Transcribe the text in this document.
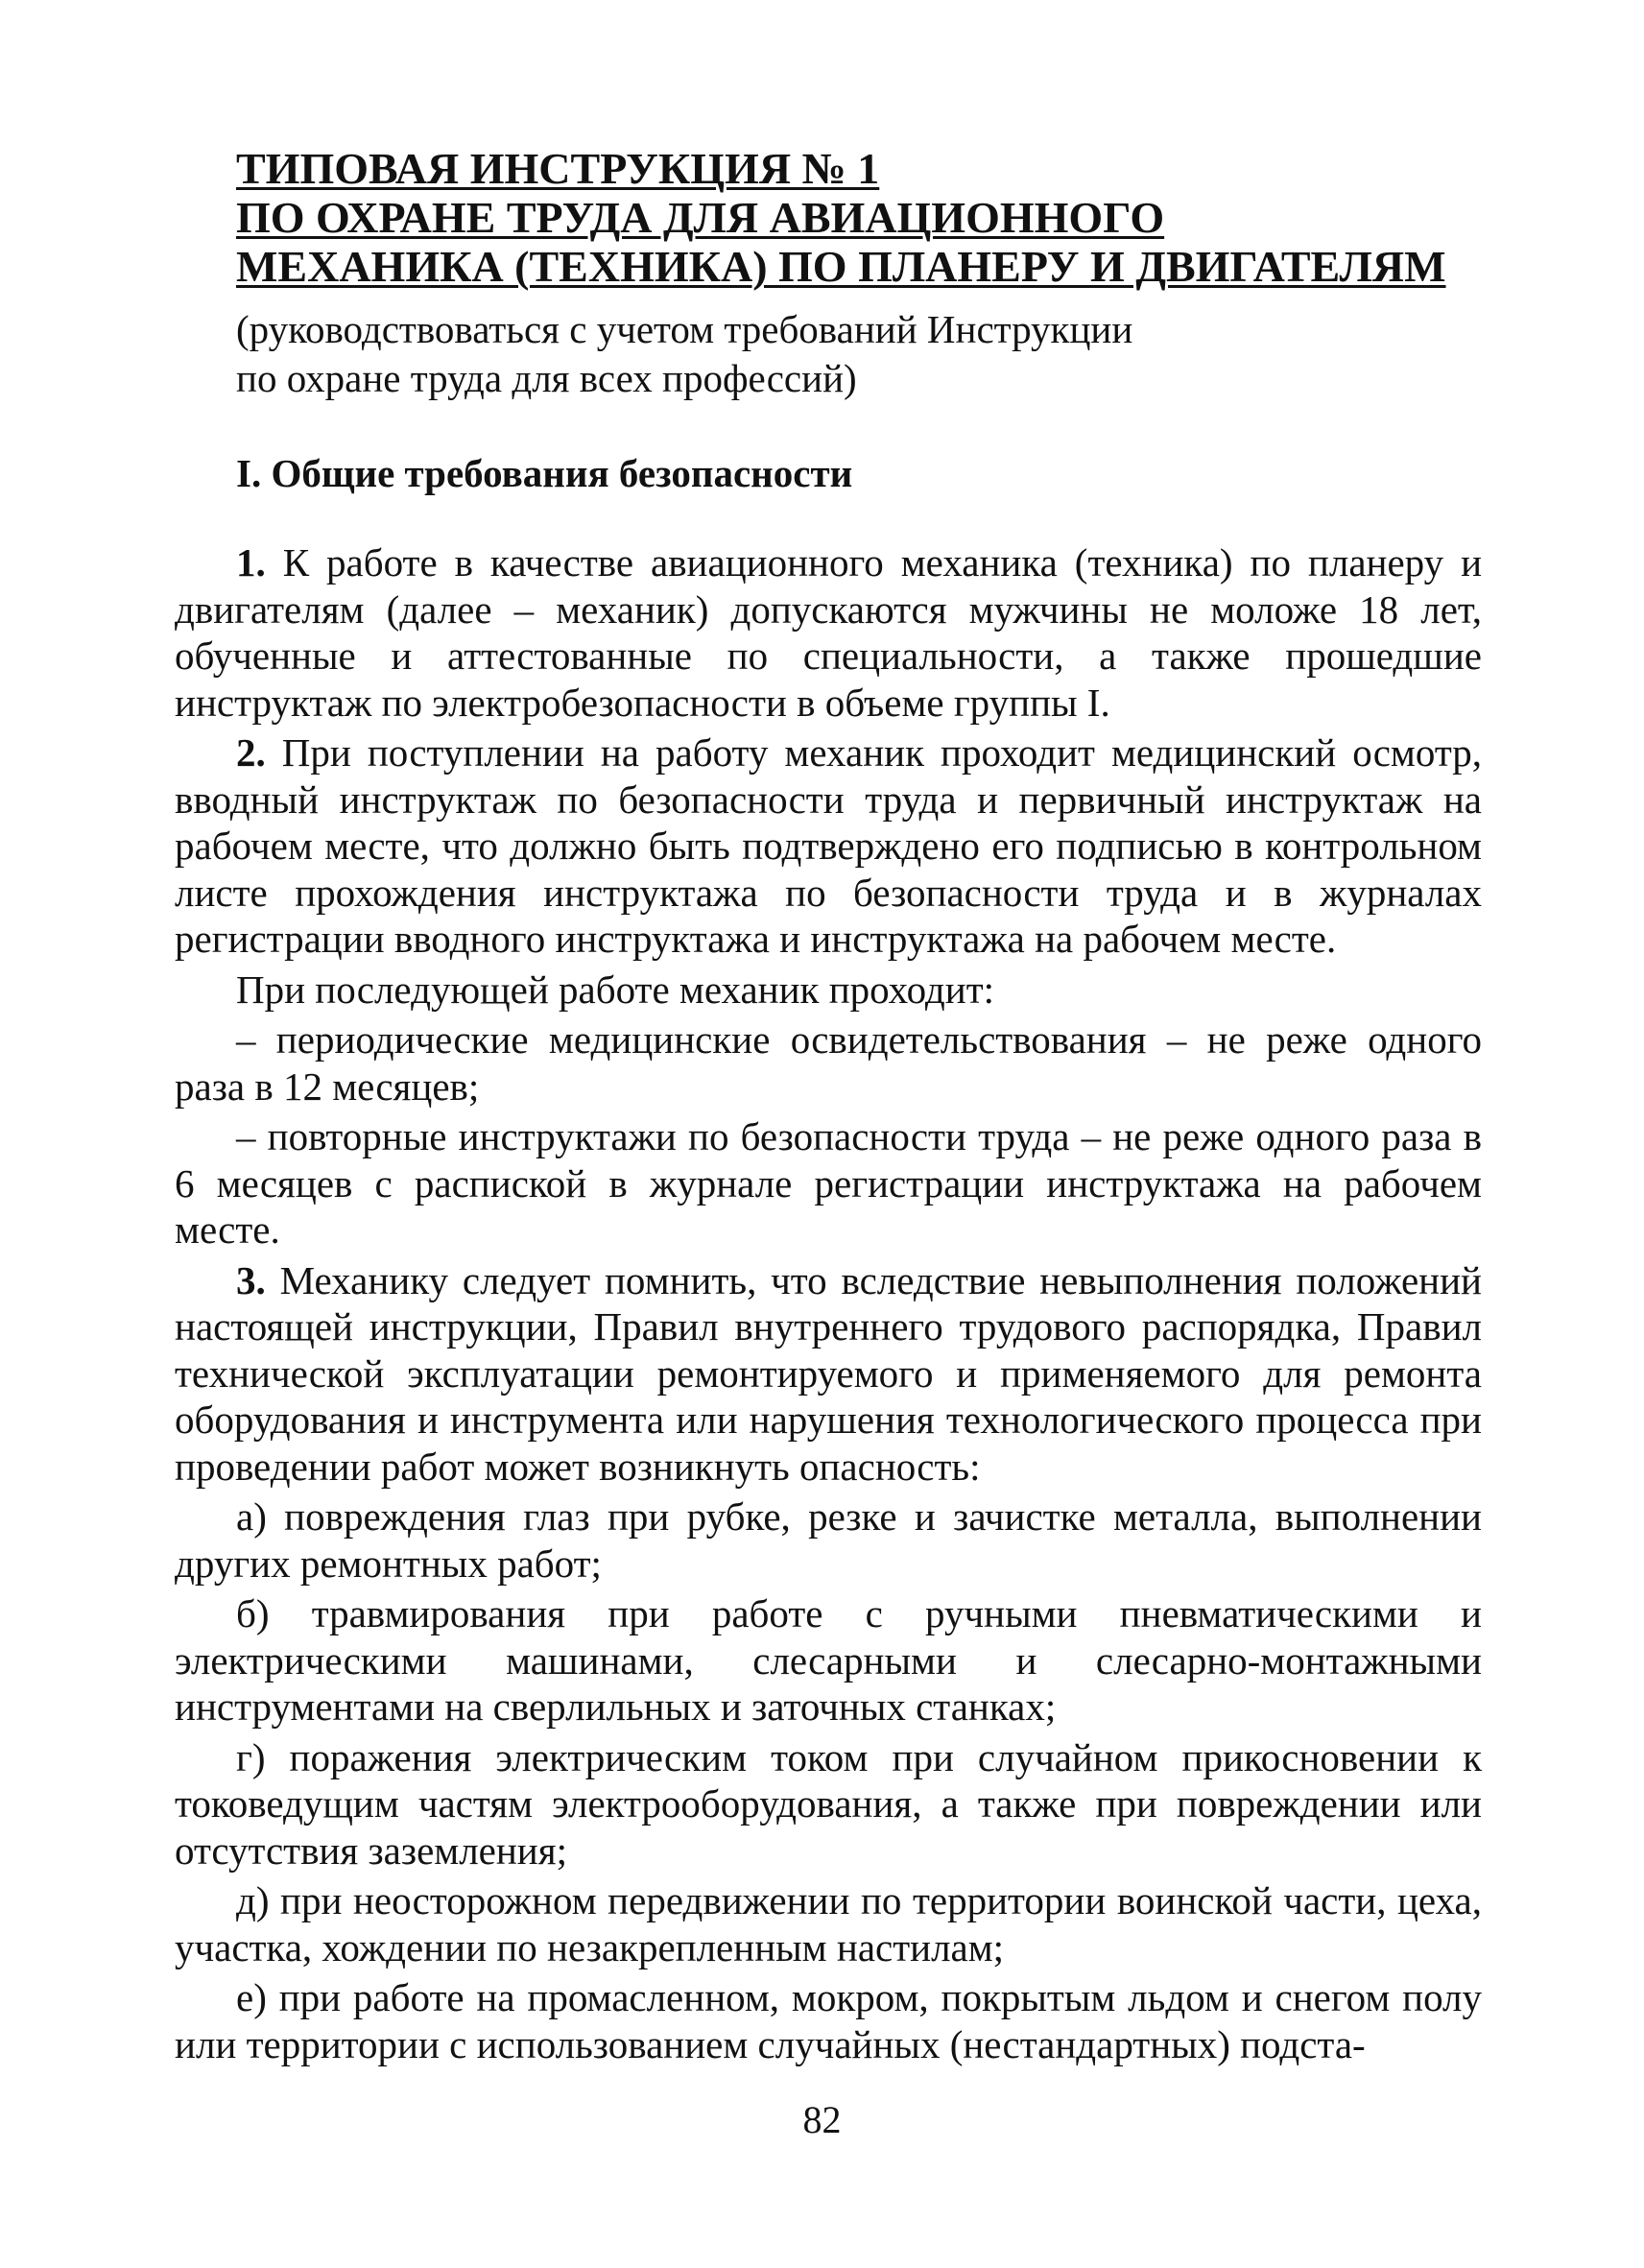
ТИПОВАЯ ИНСТРУКЦИЯ № 1
ПО ОХРАНЕ ТРУДА ДЛЯ АВИАЦИОННОГО
МЕХАНИКА (ТЕХНИКА) ПО ПЛАНЕРУ И ДВИГАТЕЛЯМ
(руководствоваться с учетом требований Инструкции
по охране труда для всех профессий)
I. Общие требования безопасности

1. К работе в качестве авиационного механика (техника) по планеру и двигателям (далее – механик) допускаются мужчины не моложе 18 лет, обученные и аттестованные по специальности, а также прошедшие инструктаж по электробезопасности в объеме группы I.

2. При поступлении на работу механик проходит медицинский осмотр, вводный инструктаж по безопасности труда и первичный инструктаж на рабочем месте, что должно быть подтверждено его подписью в контрольном листе прохождения инструктажа по безопасности труда и в журналах регистрации вводного инструктажа и инструктажа на рабочем месте.

При последующей работе механик проходит:

– периодические медицинские освидетельствования – не реже одного раза в 12 месяцев;

– повторные инструктажи по безопасности труда – не реже одного раза в 6 месяцев с распиской в журнале регистрации инструктажа на рабочем месте.

3. Механику следует помнить, что вследствие невыполнения положений настоящей инструкции, Правил внутреннего трудового распорядка, Правил технической эксплуатации ремонтируемого и применяемого для ремонта оборудования и инструмента или нарушения технологического процесса при проведении работ может возникнуть опасность:

а) повреждения глаз при рубке, резке и зачистке металла, выполнении других ремонтных работ;

б) травмирования при работе с ручными пневматическими и электрическими машинами, слесарными и слесарно-монтажными инструментами на сверлильных и заточных станках;

г) поражения электрическим током при случайном прикосновении к токоведущим частям электрооборудования, а также при повреждении или отсутствия заземления;

д) при неосторожном передвижении по территории воинской части, цеха, участка, хождении по незакрепленным настилам;

е) при работе на промасленном, мокром, покрытым льдом и снегом полу или территории с использованием случайных (нестандартных) подста-

82
